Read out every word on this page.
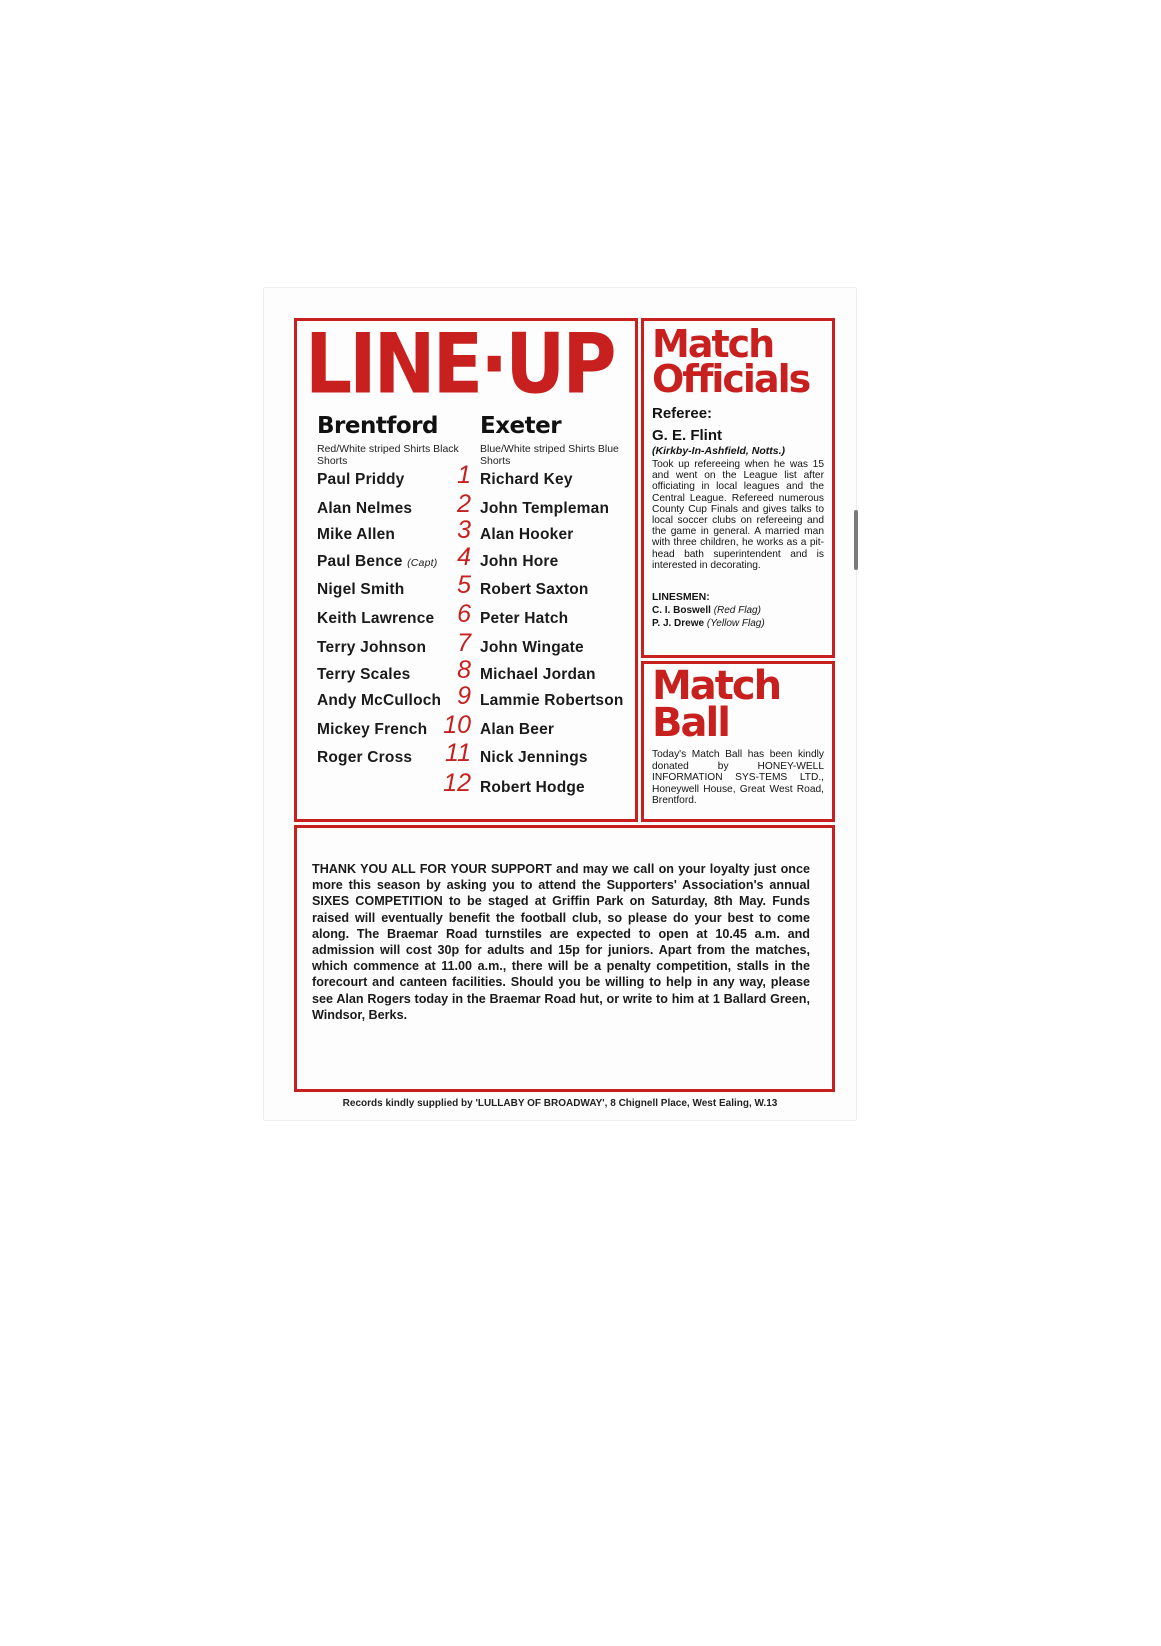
LINE·UP
Brentford Exeter
Red/White striped Shirts Black Shorts
Blue/White striped Shirts Blue Shorts
Paul Priddy
Alan Nelmes
Mike Allen
Paul Bence (Capt)
Nigel Smith
Keith Lawrence
Terry Johnson
Terry Scales
Andy McCulloch
Mickey French
Roger Cross
1
2
3
4
5
6
7
8
9
10
11
12
Richard Key
John Templeman
Alan Hooker
John Hore
Robert Saxton
Peter Hatch
John Wingate
Michael Jordan
Lammie Robertson
Alan Beer
Nick Jennings
Robert Hodge
Match
Officials
Referee:
G. E. Flint
(Kirkby-In-Ashfield, Notts.)
Took up refereeing when he was 15 and went on the League list after officiating in local leagues and the Central League. Refereed numerous County Cup Finals and gives talks to local soccer clubs on refereeing and the game in general. A married man with three children, he works as a pit-head bath superintendent and is interested in decorating.
LINESMEN:
C. I. Boswell (Red Flag)
P. J. Drewe (Yellow Flag)
Match
Ball
Today's Match Ball has been kindly donated by HONEY-WELL INFORMATION SYS-TEMS LTD., Honeywell House, Great West Road, Brentford.
THANK YOU ALL FOR YOUR SUPPORT and may we call on your loyalty just once more this season by asking you to attend the Supporters' Association's annual SIXES COMPETITION to be staged at Griffin Park on Saturday, 8th May. Funds raised will eventually benefit the football club, so please do your best to come along. The Braemar Road turnstiles are expected to open at 10.45 a.m. and admission will cost 30p for adults and 15p for juniors. Apart from the matches, which commence at 11.00 a.m., there will be a penalty competition, stalls in the forecourt and canteen facilities. Should you be willing to help in any way, please see Alan Rogers today in the Braemar Road hut, or write to him at 1 Ballard Green, Windsor, Berks.
Records kindly supplied by 'LULLABY OF BROADWAY', 8 Chignell Place, West Ealing, W.13
